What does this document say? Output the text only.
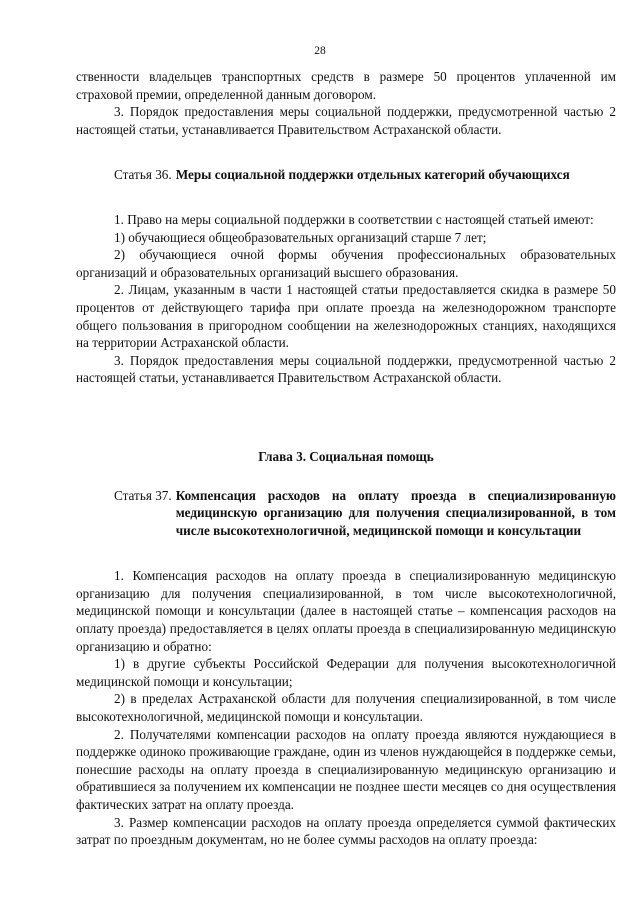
28

ственности владельцев транспортных средств в размере 50 процентов уплаченной им страховой премии, определенной данным договором.

3. Порядок предоставления меры социальной поддержки, предусмотренной частью 2 настоящей статьи, устанавливается Правительством Астраханской области.

Статья 36. Меры социальной поддержки отдельных категорий обучающихся

1. Право на меры социальной поддержки в соответствии с настоящей статьей имеют:

1) обучающиеся общеобразовательных организаций старше 7 лет;

2) обучающиеся очной формы обучения профессиональных образовательных организаций и образовательных организаций высшего образования.

2. Лицам, указанным в части 1 настоящей статьи предоставляется скидка в размере 50 процентов от действующего тарифа при оплате проезда на железнодорожном транспорте общего пользования в пригородном сообщении на железнодорожных станциях, находящихся на территории Астраханской области.

3. Порядок предоставления меры социальной поддержки, предусмотренной частью 2 настоящей статьи, устанавливается Правительством Астраханской области.

Глава 3. Социальная помощь

Статья 37. Компенсация расходов на оплату проезда в специализированную медицинскую организацию для получения специализированной, в том числе высокотехнологичной, медицинской помощи и консультации

1. Компенсация расходов на оплату проезда в специализированную медицинскую организацию для получения специализированной, в том числе высокотехнологичной, медицинской помощи и консультации (далее в настоящей статье – компенсация расходов на оплату проезда) предоставляется в целях оплаты проезда в специализированную медицинскую организацию и обратно:

1) в другие субъекты Российской Федерации для получения высокотехнологичной медицинской помощи и консультации;

2) в пределах Астраханской области для получения специализированной, в том числе высокотехнологичной, медицинской помощи и консультации.

2. Получателями компенсации расходов на оплату проезда являются нуждающиеся в поддержке одиноко проживающие граждане, один из членов нуждающейся в поддержке семьи, понесшие расходы на оплату проезда в специализированную медицинскую организацию и обратившиеся за получением их компенсации не позднее шести месяцев со дня осуществления фактических затрат на оплату проезда.

3. Размер компенсации расходов на оплату проезда определяется суммой фактических затрат по проездным документам, но не более суммы расходов на оплату проезда:
